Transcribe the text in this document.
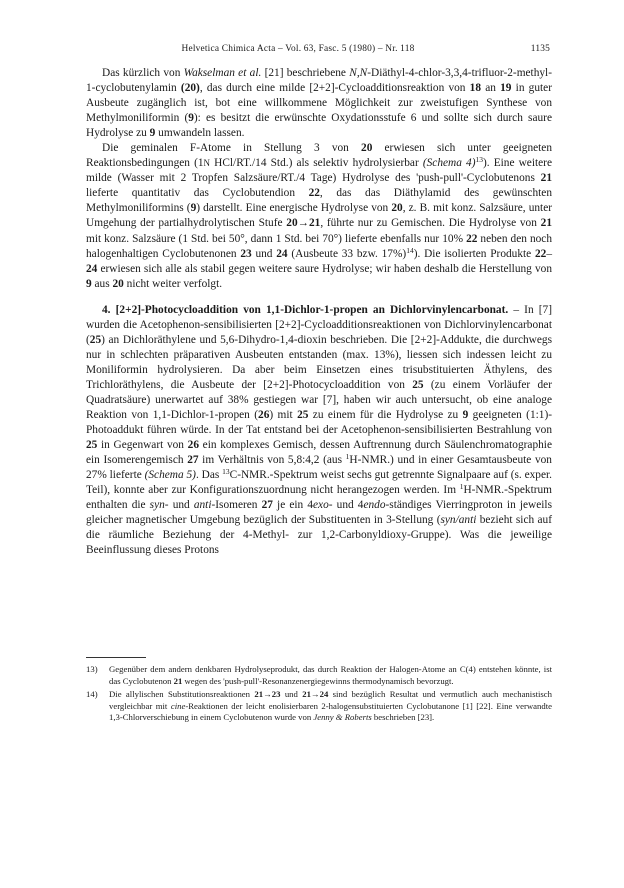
Helvetica Chimica Acta – Vol. 63, Fasc. 5 (1980) – Nr. 118	1135

Das kürzlich von Wakselman et al. [21] beschriebene N,N-Diäthyl-4-chlor-3,3,4-trifluor-2-methyl-1-cyclobutenylamin (20), das durch eine milde [2+2]-Cycloadditionsreaktion von 18 an 19 in guter Ausbeute zugänglich ist, bot eine willkommene Möglichkeit zur zweistufigen Synthese von Methylmoniliformin (9): es besitzt die erwünschte Oxydationsstufe 6 und sollte sich durch saure Hydrolyse zu 9 umwandeln lassen.

Die geminalen F-Atome in Stellung 3 von 20 erwiesen sich unter geeigneten Reaktionsbedingungen (1N HCl/RT./14 Std.) als selektiv hydrolysierbar (Schema 4)$^{13}$). Eine weitere milde (Wasser mit 2 Tropfen Salzsäure/RT./4 Tage) Hydrolyse des 'push-pull'-Cyclobutenons 21 lieferte quantitativ das Cyclobutendion 22, das das Diäthylamid des gewünschten Methylmoniliformins (9) darstellt. Eine energische Hydrolyse von 20, z. B. mit konz. Salzsäure, unter Umgehung der partialhydrolytischen Stufe 20→21, führte nur zu Gemischen. Die Hydrolyse von 21 mit konz. Salzsäure (1 Std. bei 50°, dann 1 Std. bei 70°) lieferte ebenfalls nur 10% 22 neben den noch halogenhaltigen Cyclobutenonen 23 und 24 (Ausbeute 33 bzw. 17%)$^{14}$). Die isolierten Produkte 22–24 erwiesen sich alle als stabil gegen weitere saure Hydrolyse; wir haben deshalb die Herstellung von 9 aus 20 nicht weiter verfolgt.

4. [2+2]-Photocycloaddition von 1,1-Dichlor-1-propen an Dichlorvinylencarbonat. – In [7] wurden die Acetophenon-sensibilisierten [2+2]-Cycloadditionsreaktionen von Dichlorvinylencarbonat (25) an Dichloräthylene und 5,6-Dihydro-1,4-dioxin beschrieben. Die [2+2]-Addukte, die durchwegs nur in schlechten präparativen Ausbeuten entstanden (max. 13%), liessen sich indessen leicht zu Moniliformin hydrolysieren. Da aber beim Einsetzen eines trisubstituierten Äthylens, des Trichloräthylens, die Ausbeute der [2+2]-Photocycloaddition von 25 (zu einem Vorläufer der Quadratsäure) unerwartet auf 38% gestiegen war [7], haben wir auch untersucht, ob eine analoge Reaktion von 1,1-Dichlor-1-propen (26) mit 25 zu einem für die Hydrolyse zu 9 geeigneten (1:1)-Photoaddukt führen würde. In der Tat entstand bei der Acetophenon-sensibilisierten Bestrahlung von 25 in Gegenwart von 26 ein komplexes Gemisch, dessen Auftrennung durch Säulenchromatographie ein Isomerengemisch 27 im Verhältnis von 5,8:4,2 (aus $^1$H-NMR.) und in einer Gesamtausbeute von 27% lieferte (Schema 5). Das $^{13}$C-NMR.-Spektrum weist sechs gut getrennte Signalpaare auf (s. exper. Teil), konnte aber zur Konfigurationszuordnung nicht herangezogen werden. Im $^1$H-NMR.-Spektrum enthalten die syn- und anti-Isomeren 27 je ein 4exo- und 4endo-ständiges Vierringproton in jeweils gleicher magnetischer Umgebung bezüglich der Substituenten in 3-Stellung (syn/anti bezieht sich auf die räumliche Beziehung der 4-Methyl- zur 1,2-Carbonyldioxy-Gruppe). Was die jeweilige Beeinflussung dieses Protons

13) Gegenüber dem andern denkbaren Hydrolyseprodukt, das durch Reaktion der Halogen-Atome an C(4) entstehen könnte, ist das Cyclobutenon 21 wegen des 'push-pull'-Resonanzenergiegewinns thermodynamisch bevorzugt.

14) Die allylischen Substitutionsreaktionen 21→23 und 21→24 sind bezüglich Resultat und vermutlich auch mechanistisch vergleichbar mit cine-Reaktionen der leicht enolisierbaren 2-halogensubstituierten Cyclobutanone [1] [22]. Eine verwandte 1,3-Chlorverschiebung in einem Cyclobutenon wurde von Jenny & Roberts beschrieben [23].
